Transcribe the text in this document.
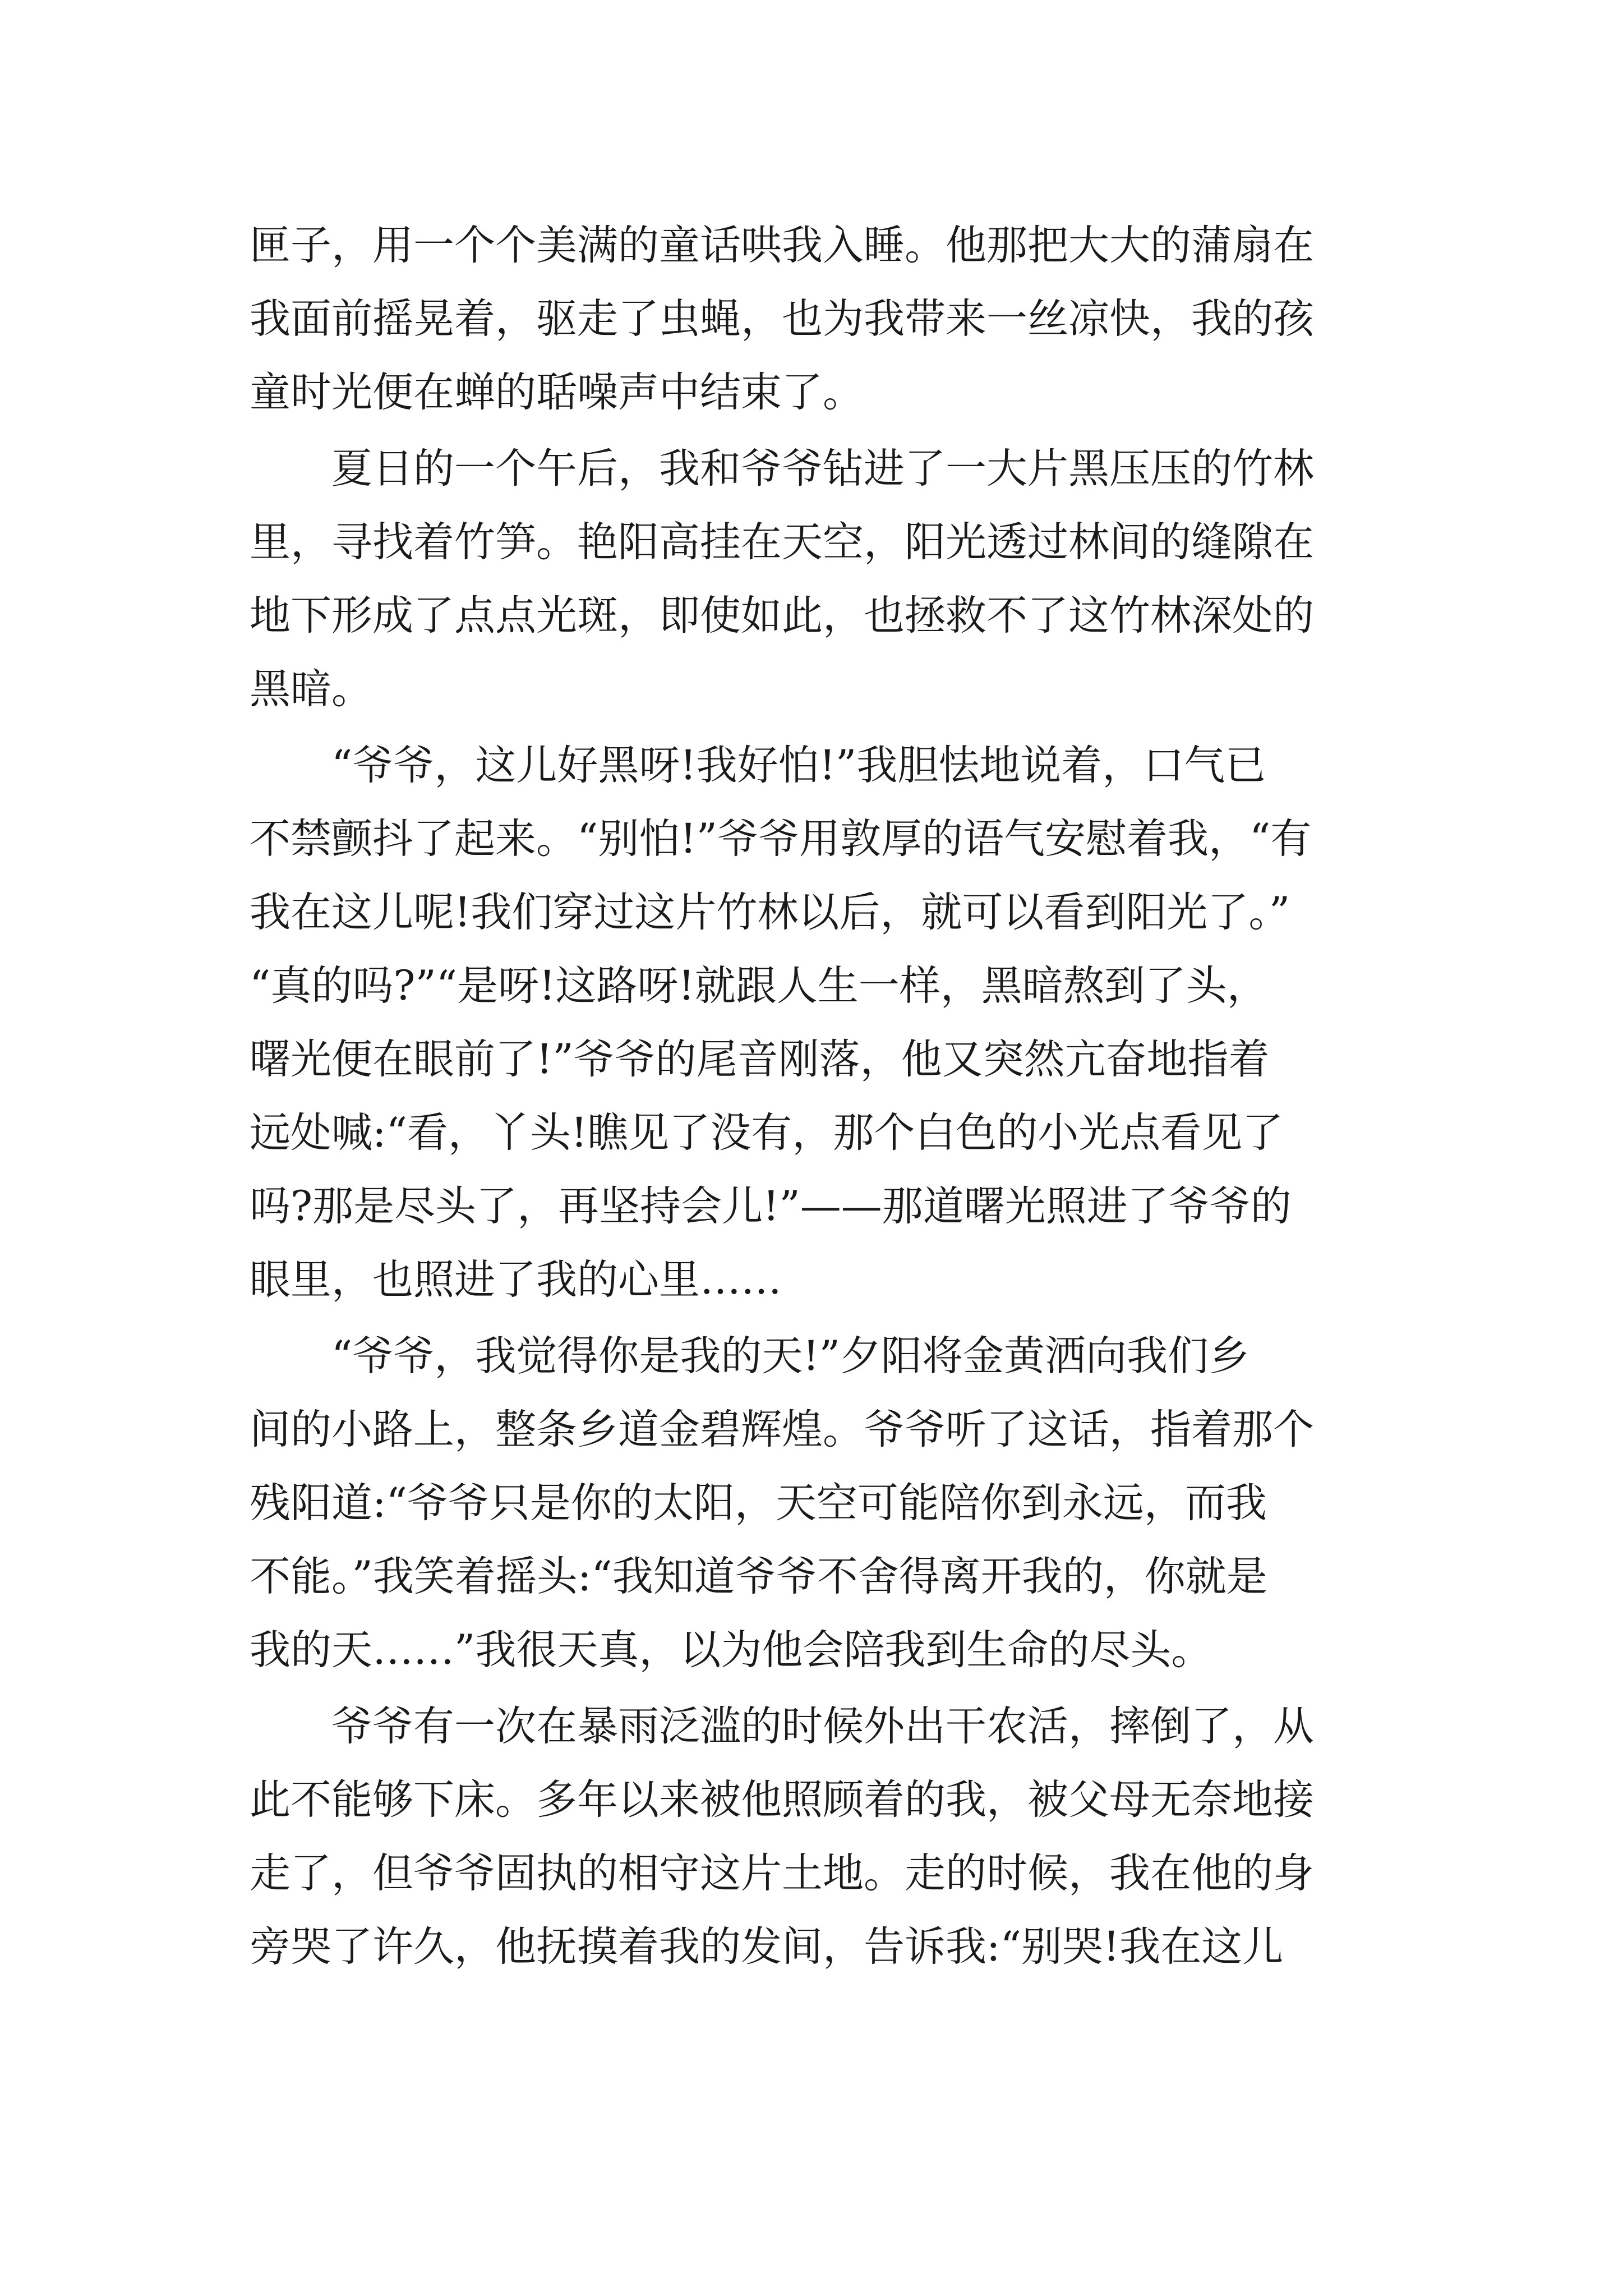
匣子，用一个个美满的童话哄我入睡。他那把大大的蒲扇在
我面前摇晃着，驱走了虫蝇，也为我带来一丝凉快，我的孩
童时光便在蝉的聒噪声中结束了。
夏日的一个午后，我和爷爷钻进了一大片黑压压的竹林
里，寻找着竹笋。艳阳高挂在天空，阳光透过林间的缝隙在
地下形成了点点光斑，即使如此，也拯救不了这竹林深处的
黑暗。
“爷爷，这儿好黑呀!我好怕!”我胆怯地说着，口气已
不禁颤抖了起来。“别怕!”爷爷用敦厚的语气安慰着我，“有
我在这儿呢!我们穿过这片竹林以后，就可以看到阳光了。”
“真的吗?”“是呀!这路呀!就跟人生一样，黑暗熬到了头，
曙光便在眼前了!”爷爷的尾音刚落，他又突然亢奋地指着
远处喊:“看，丫头!瞧见了没有，那个白色的小光点看见了
吗?那是尽头了，再坚持会儿!”——那道曙光照进了爷爷的
眼里，也照进了我的心里……
“爷爷，我觉得你是我的天!”夕阳将金黄洒向我们乡
间的小路上，整条乡道金碧辉煌。爷爷听了这话，指着那个
残阳道:“爷爷只是你的太阳，天空可能陪你到永远，而我
不能。”我笑着摇头:“我知道爷爷不舍得离开我的，你就是
我的天……”我很天真，以为他会陪我到生命的尽头。
爷爷有一次在暴雨泛滥的时候外出干农活，摔倒了，从
此不能够下床。多年以来被他照顾着的我，被父母无奈地接
走了，但爷爷固执的相守这片土地。走的时候，我在他的身
旁哭了许久，他抚摸着我的发间，告诉我:“别哭!我在这儿
